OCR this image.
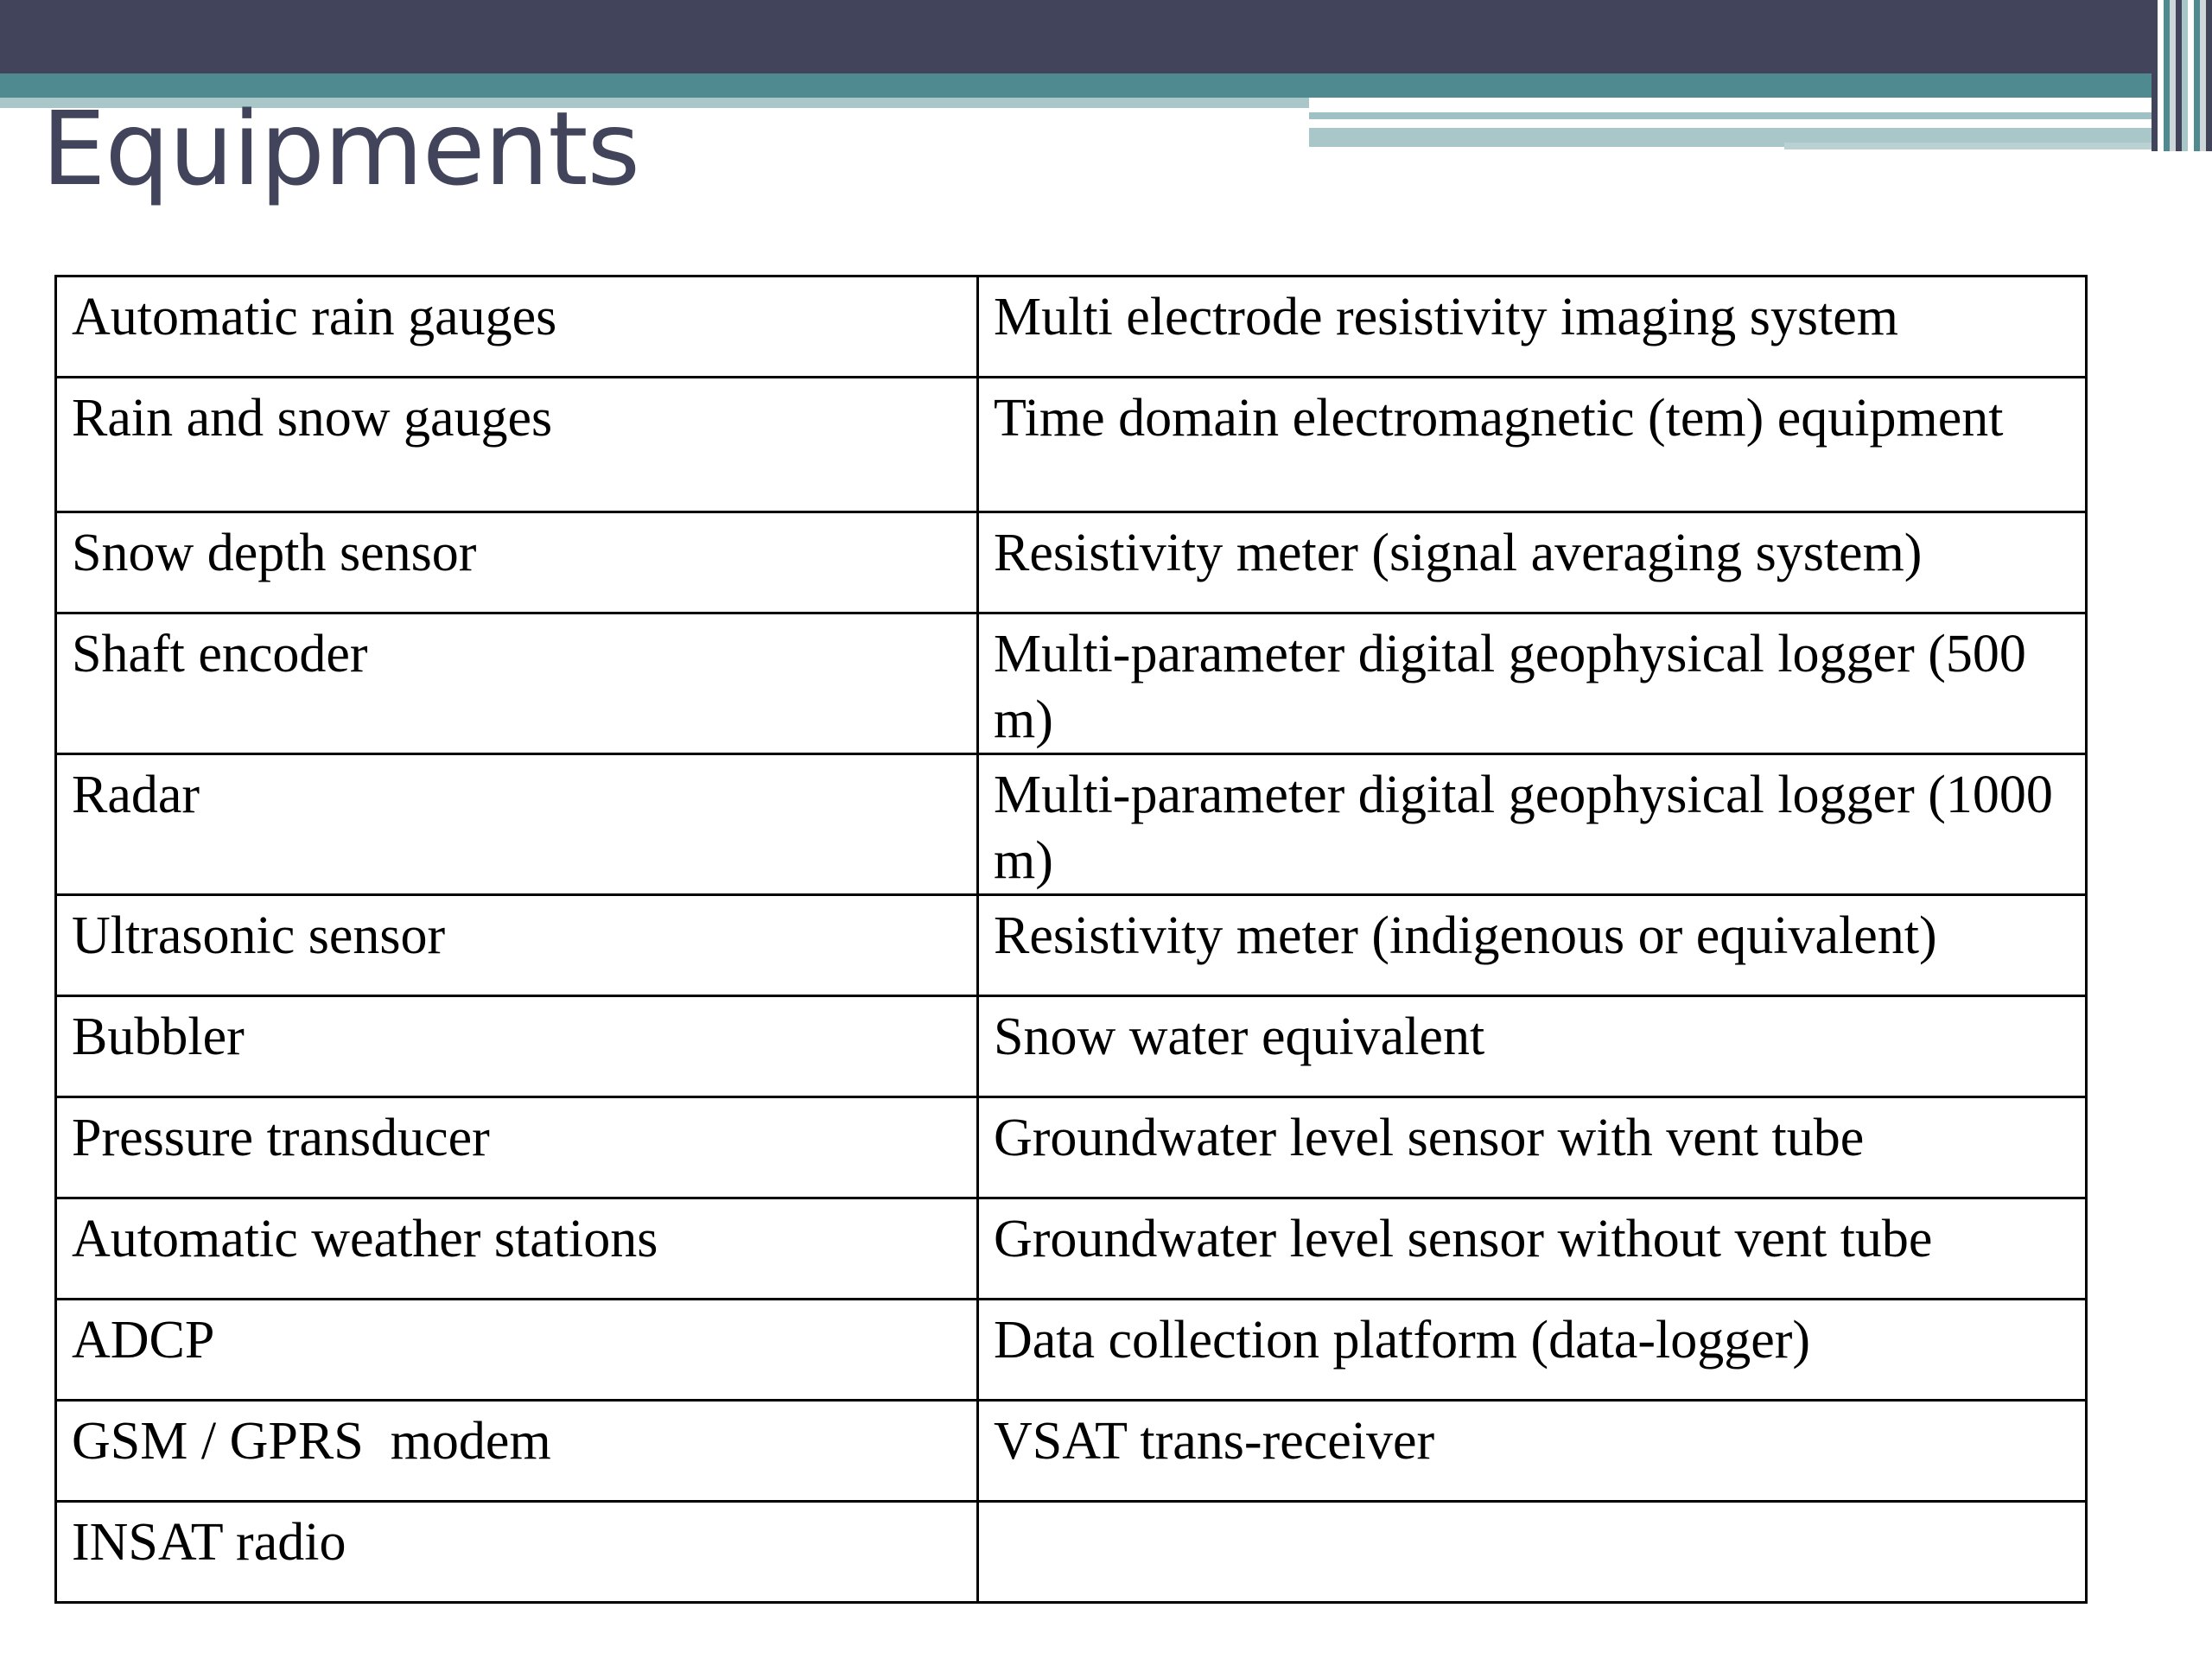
Equipments
Automatic rain gauges	Multi electrode resistivity imaging system
Rain and snow gauges	Time domain electromagnetic (tem) equipment
Snow depth sensor	Resistivity meter (signal averaging system)
Shaft encoder	Multi-parameter digital geophysical logger (500 m)
Radar	Multi-parameter digital geophysical logger (1000 m)
Ultrasonic sensor	Resistivity meter (indigenous or equivalent)
Bubbler	Snow water equivalent
Pressure transducer	Groundwater level sensor with vent tube
Automatic weather stations	Groundwater level sensor without vent tube
ADCP	Data collection platform (data-logger)
GSM / GPRS  modem	VSAT trans-receiver
INSAT radio	
